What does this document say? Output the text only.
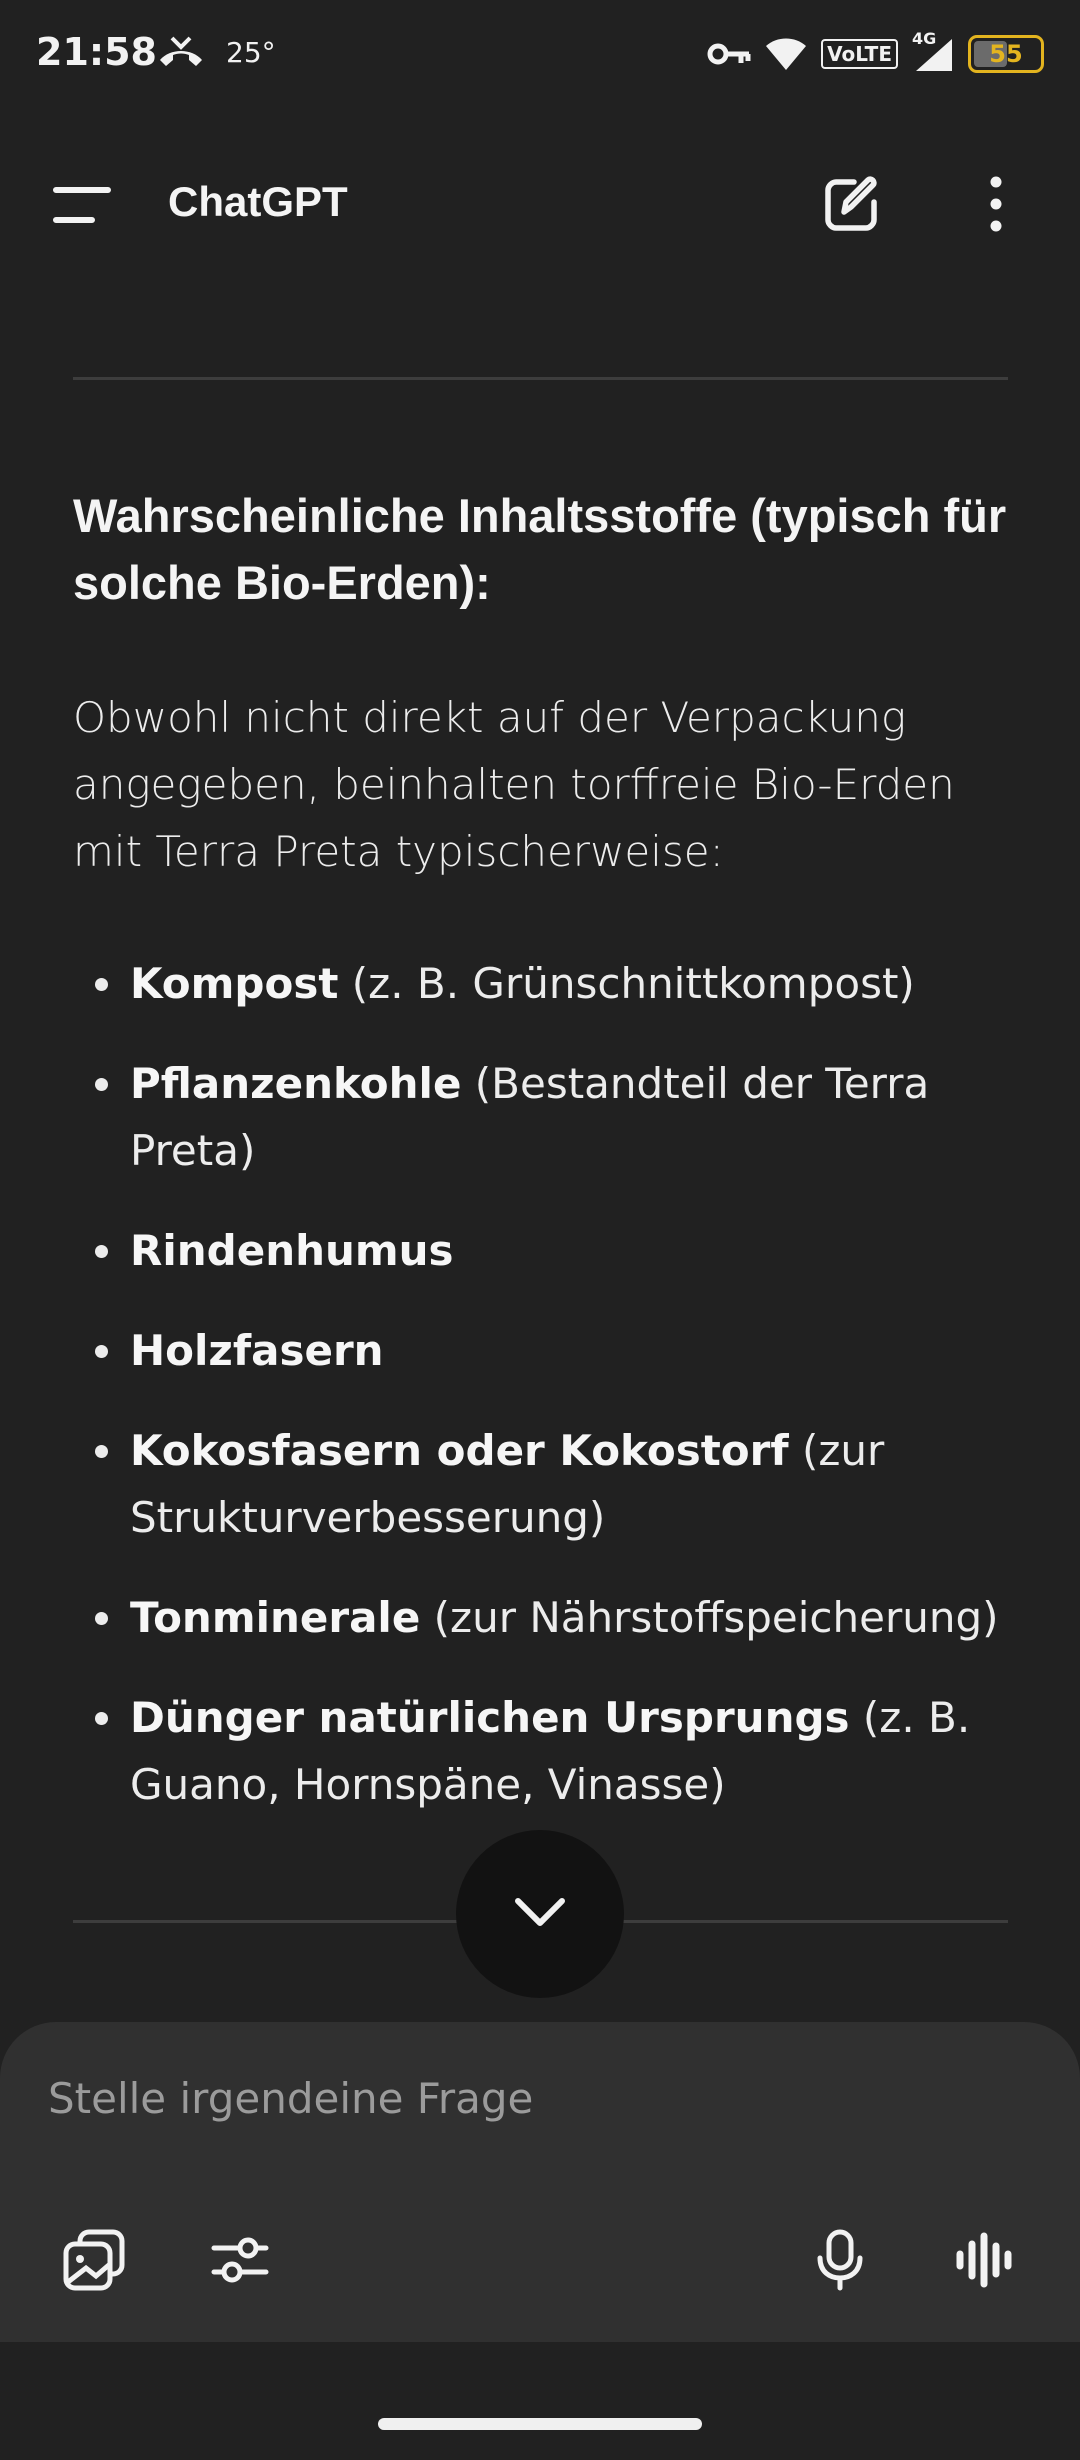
21:58 25°	VoLTE
4G
55
ChatGPT
Wahrscheinliche Inhaltsstoffe (typisch für solche Bio-Erden):
Obwohl nicht direkt auf der Verpackung angegeben, beinhalten torffreie Bio-Erden mit Terra Preta typischerweise:
Kompost (z. B. Grünschnittkompost)
Pflanzenkohle (Bestandteil der Terra Preta)
Rindenhumus
Holzfasern
Kokosfasern oder Kokostorf (zur Strukturverbesserung)
Tonminerale (zur Nährstoffspeicherung)
Dünger natürlichen Ursprungs (z. B. Guano, Hornspäne, Vinasse)
Stelle irgendeine Frage
